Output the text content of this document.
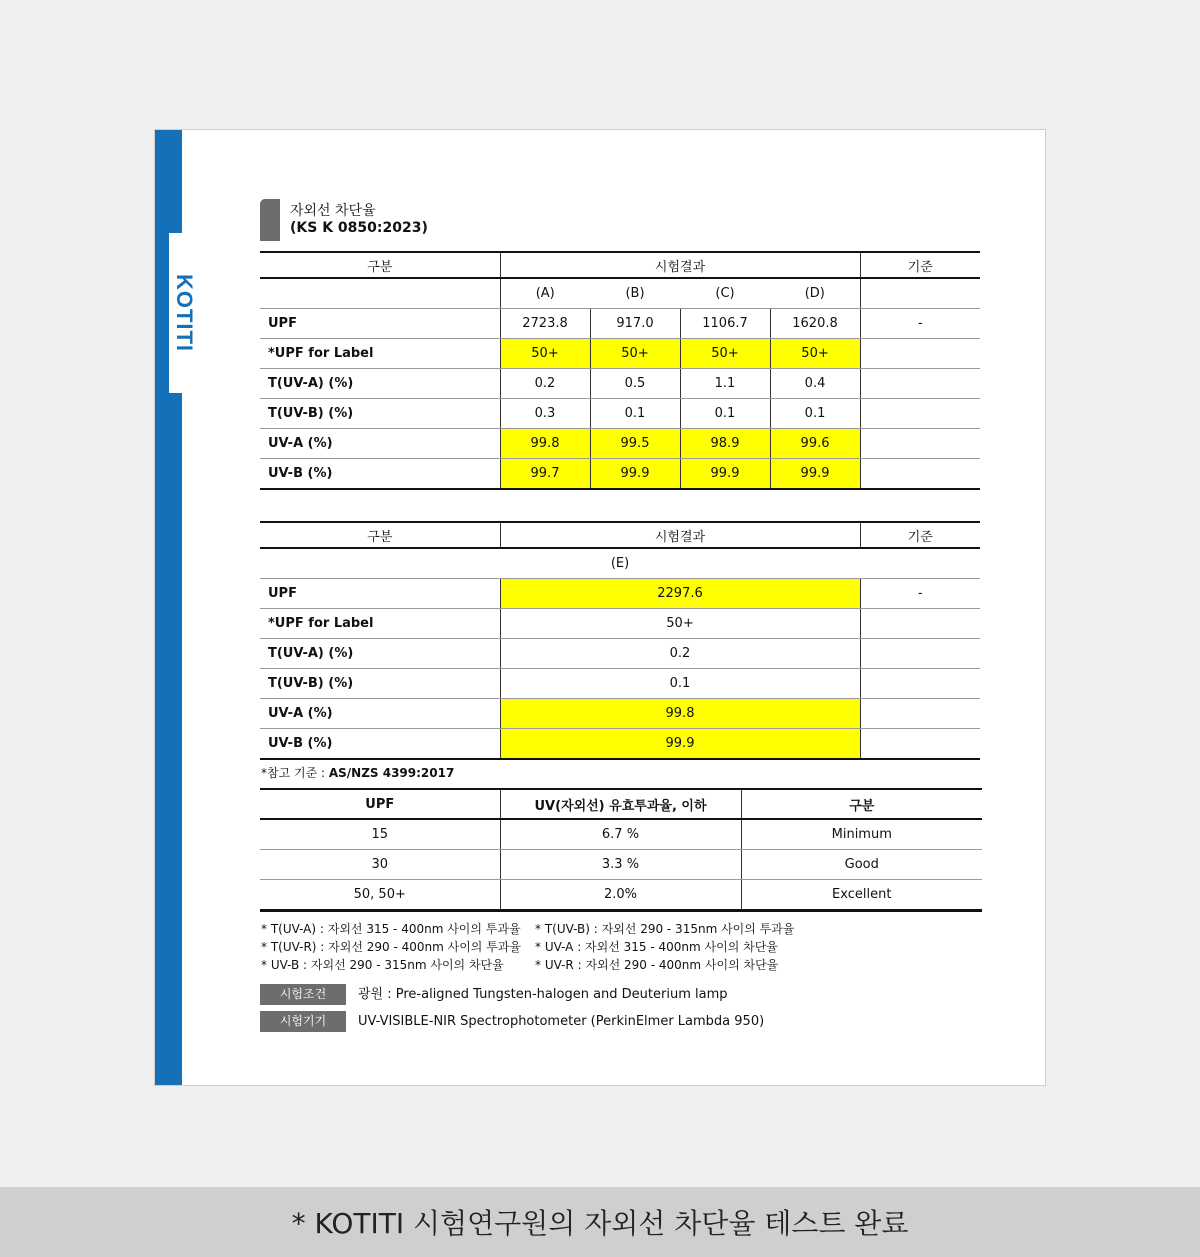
KOTITI
자외선 차단율
(KS K 0850:2023)
구분	시험결과				기준
	(A)	(B)	(C)	(D)	
UPF	2723.8	917.0	1106.7	1620.8	-
*UPF for Label	50+	50+	50+	50+	
T(UV-A) (%)	0.2	0.5	1.1	0.4	
T(UV-B) (%)	0.3	0.1	0.1	0.1	
UV-A (%)	99.8	99.5	98.9	99.6	
UV-B (%)	99.7	99.9	99.9	99.9	
구분	시험결과	기준
(E)		
UPF	2297.6	-
*UPF for Label	50+	
T(UV-A) (%)	0.2	
T(UV-B) (%)	0.1	
UV-A (%)	99.8	
UV-B (%)	99.9	
*참고 기준 : AS/NZS 4399:2017
UPF	UV(자외선) 유효투과율, 이하	구분
15	6.7 %	Minimum
30	3.3 %	Good
50, 50+	2.0%	Excellent
* T(UV-A) : 자외선 315 - 400nm 사이의 투과율 * T(UV-B) : 자외선 290 - 315nm 사이의 투과율
* T(UV-R) : 자외선 290 - 400nm 사이의 투과율 * UV-A : 자외선 315 - 400nm 사이의 차단율
* UV-B : 자외선 290 - 315nm 사이의 차단율	* UV-R : 자외선 290 - 400nm 사이의 차단율
시험조건 광원 : Pre-aligned Tungsten-halogen and Deuterium lamp
시험기기 UV-VISIBLE-NIR Spectrophotometer (PerkinElmer Lambda 950)
* KOTITI 시험연구원의 자외선 차단율 테스트 완료
